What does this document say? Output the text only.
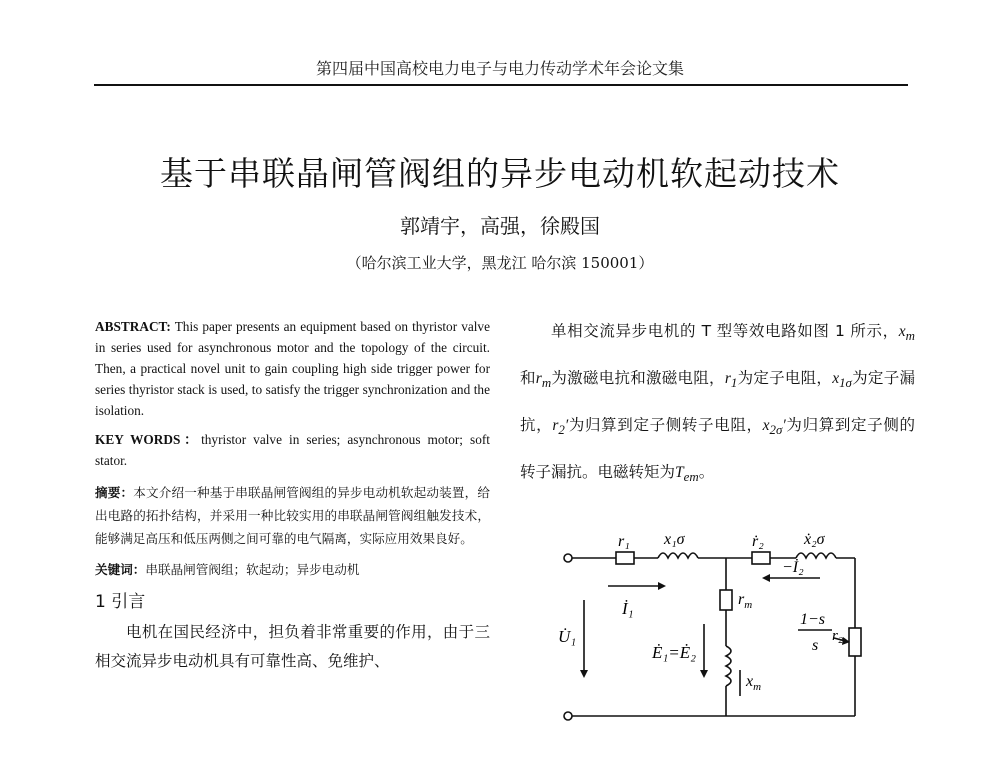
第四届中国高校电力电子与电力传动学术年会论文集
基于串联晶闸管阀组的异步电动机软起动技术
郭靖宇，高强，徐殿国
（哈尔滨工业大学，黑龙江 哈尔滨 150001）

ABSTRACT: This paper presents an equipment based on thyristor valve in series used for asynchronous motor and the topology of the circuit. Then, a practical novel unit to gain coupling high side trigger power for series thyristor stack is used, to satisfy the trigger synchronization and the isolation.

KEY WORDS：thyristor valve in series; asynchronous motor; soft stator.

摘要：本文介绍一种基于串联晶闸管阀组的异步电动机软起动装置，给出电路的拓扑结构，并采用一种比较实用的串联晶闸管阀组触发技术，能够满足高压和低压两侧之间可靠的电气隔离，实际应用效果良好。

关键词：串联晶闸管阀组；软起动；异步电动机

1 引言

电机在国民经济中，担负着非常重要的作用，由于三相交流异步电动机具有可靠性高、免维护、

单相交流异步电机的 T 型等效电路如图 1 所示，$x_m$和$r_m$为激磁电抗和激磁电阻，$r_1$为定子电阻，$x_{1\sigma}$为定子漏抗，$r_2'$为归算到定子侧转子电阻，$x_{2\sigma}'$为归算到定子侧的转子漏抗。电磁转矩为$T_{em}$。

r₁ x₁σ	ṙ₂	ẋ₂σ
−İ₂
İ₁	$r_m$
$x_m$
U̇₁
Ė₁=Ė₂
1−s
s
r₂
